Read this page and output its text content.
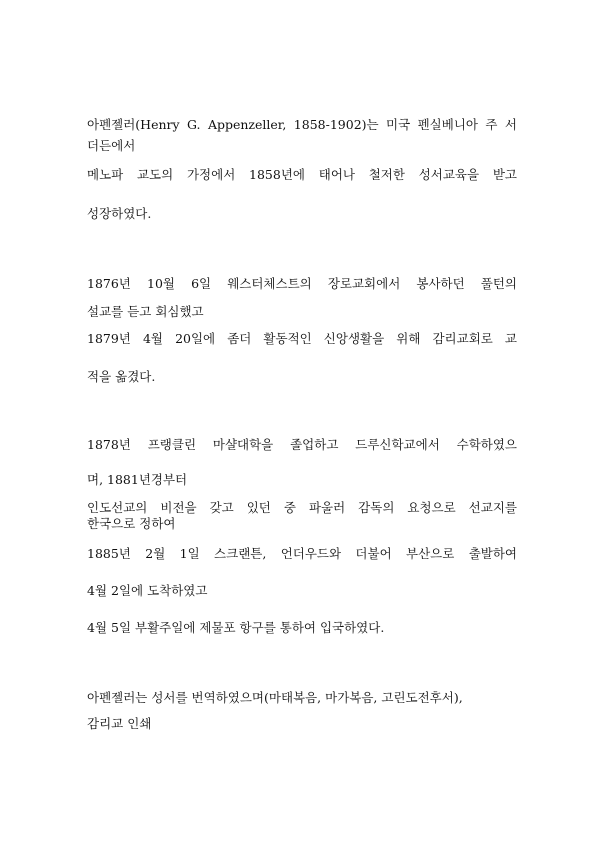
아펜젤러(Henry G. Appenzeller, 1858-1902)는 미국 펜실베니아 주 서
더든에서
메노파 교도의 가정에서 1858년에 태어나 철저한 성서교육을 받고
성장하였다.
1876년 10월 6일 웨스터체스트의 장로교회에서 봉사하던 풀턴의
설교를 듣고 회심했고
1879년 4월 20일에 좀더 활동적인 신앙생활을 위해 감리교회로 교
적을 옮겼다.
1878년 프랭클린 마샬대학을 졸업하고 드루신학교에서 수학하였으
며, 1881년경부터
인도선교의 비전을 갖고 있던 중 파울러 감독의 요청으로 선교지를
한국으로 정하여
1885년 2월 1일 스크랜튼, 언더우드와 더불어 부산으로 출발하여
4월 2일에 도착하였고
4월 5일 부활주일에 제물포 항구를 통하여 입국하였다.
아펜젤러는 성서를 번역하였으며(마태복음, 마가복음, 고린도전후서),
감리교 인쇄
